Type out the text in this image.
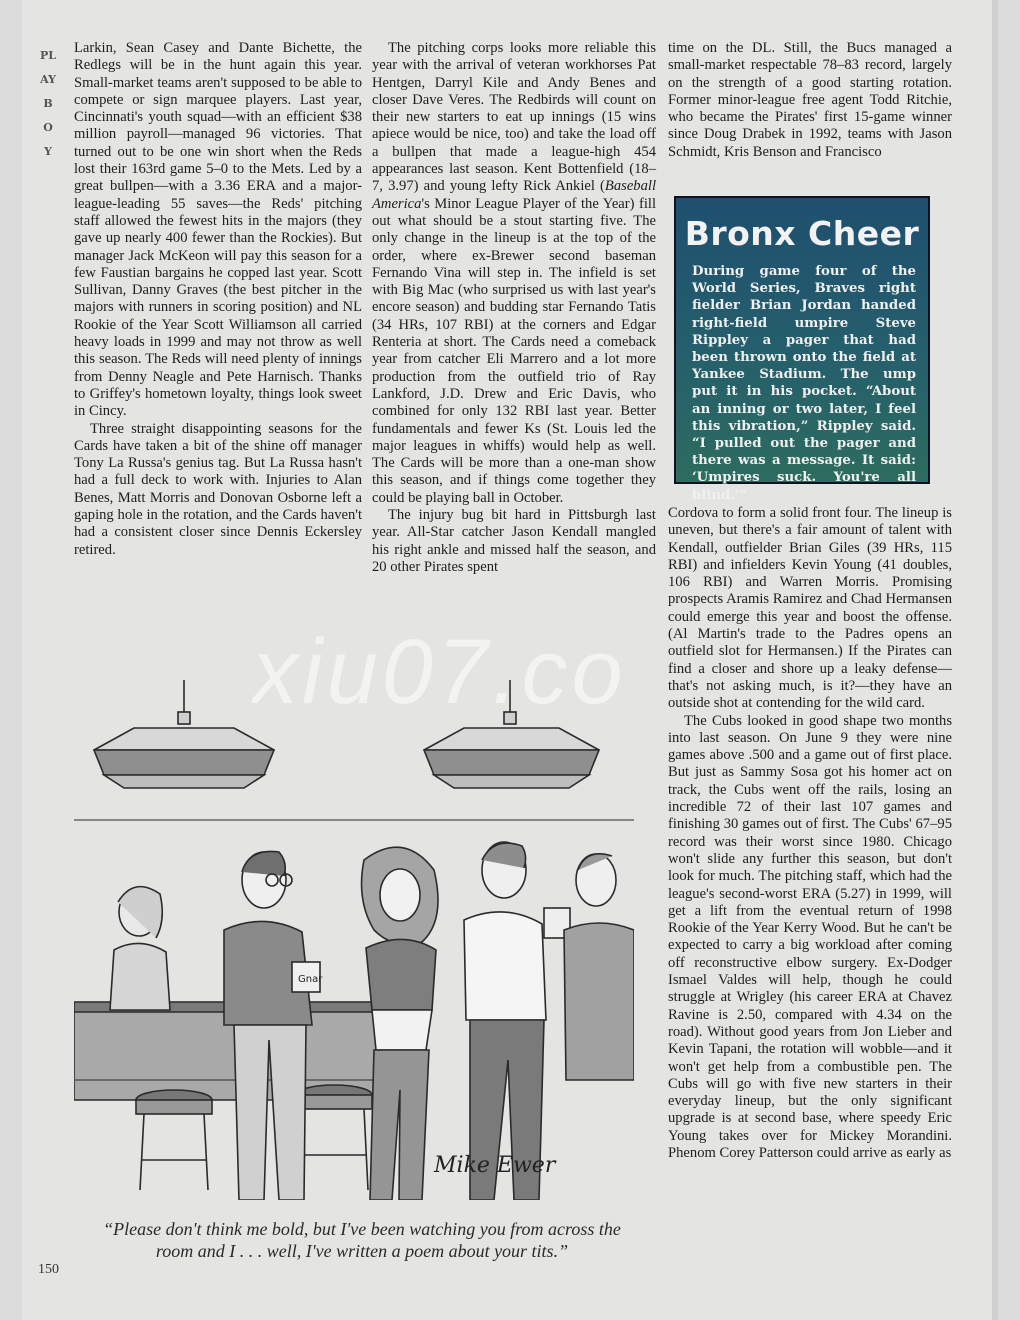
PLAYBOY

Larkin, Sean Casey and Dante Bichette, the Redlegs will be in the hunt again this year. Small-market teams aren't supposed to be able to compete or sign marquee players. Last year, Cincinnati's youth squad—with an efficient $38 million payroll—managed 96 victories. That turned out to be one win short when the Reds lost their 163rd game 5–0 to the Mets. Led by a great bullpen—with a 3.36 ERA and a major-league-leading 55 saves—the Reds' pitching staff allowed the fewest hits in the majors (they gave up nearly 400 fewer than the Rockies). But manager Jack McKeon will pay this season for a few Faustian bargains he copped last year. Scott Sullivan, Danny Graves (the best pitcher in the majors with runners in scoring position) and NL Rookie of the Year Scott Williamson all carried heavy loads in 1999 and may not throw as well this season. The Reds will need plenty of innings from Denny Neagle and Pete Harnisch. Thanks to Griffey's hometown loyalty, things look sweet in Cincy.

Three straight disappointing seasons for the Cards have taken a bit of the shine off manager Tony La Russa's genius tag. But La Russa hasn't had a full deck to work with. Injuries to Alan Benes, Matt Morris and Donovan Osborne left a gaping hole in the rotation, and the Cards haven't had a consistent closer since Dennis Eckersley retired.

The pitching corps looks more reliable this year with the arrival of veteran workhorses Pat Hentgen, Darryl Kile and Andy Benes and closer Dave Veres. The Redbirds will count on their new starters to eat up innings (15 wins apiece would be nice, too) and take the load off a bullpen that made a league-high 454 appearances last season. Kent Bottenfield (18–7, 3.97) and young lefty Rick Ankiel (Baseball America's Minor League Player of the Year) fill out what should be a stout starting five. The only change in the lineup is at the top of the order, where ex-Brewer second baseman Fernando Vina will step in. The infield is set with Big Mac (who surprised us with last year's encore season) and budding star Fernando Tatis (34 HRs, 107 RBI) at the corners and Edgar Renteria at short. The Cards need a comeback year from catcher Eli Marrero and a lot more production from the outfield trio of Ray Lankford, J.D. Drew and Eric Davis, who combined for only 132 RBI last year. Better fundamentals and fewer Ks (St. Louis led the major leagues in whiffs) would help as well. The Cards will be more than a one-man show this season, and if things come together they could be playing ball in October.

The injury bug bit hard in Pittsburgh last year. All-Star catcher Jason Kendall mangled his right ankle and missed half the season, and 20 other Pirates spent

time on the DL. Still, the Bucs managed a small-market respectable 78–83 record, largely on the strength of a good starting rotation. Former minor-league free agent Todd Ritchie, who became the Pirates' first 15-game winner since Doug Drabek in 1992, teams with Jason Schmidt, Kris Benson and Francisco

Bronx Cheer
During game four of the World Series, Braves right fielder Brian Jordan handed right-field umpire Steve Rippley a pager that had been thrown onto the field at Yankee Stadium. The ump put it in his pocket. “About an inning or two later, I feel this vibration,” Rippley said. “I pulled out the pager and there was a message. It said: ‘Umpires suck. You're all blind.’”

Cordova to form a solid front four. The lineup is uneven, but there's a fair amount of talent with Kendall, outfielder Brian Giles (39 HRs, 115 RBI) and infielders Kevin Young (41 doubles, 106 RBI) and Warren Morris. Promising prospects Aramis Ramirez and Chad Hermansen could emerge this year and boost the offense. (Al Martin's trade to the Padres opens an outfield slot for Hermansen.) If the Pirates can find a closer and shore up a leaky defense—that's not asking much, is it?—they have an outside shot at contending for the wild card.

The Cubs looked in good shape two months into last season. On June 9 they were nine games above .500 and a game out of first place. But just as Sammy Sosa got his homer act on track, the Cubs went off the rails, losing an incredible 72 of their last 107 games and finishing 30 games out of first. The Cubs' 67–95 record was their worst since 1980. Chicago won't slide any further this season, but don't look for much. The pitching staff, which had the league's second-worst ERA (5.27) in 1999, will get a lift from the eventual return of 1998 Rookie of the Year Kerry Wood. But he can't be expected to carry a big workload after coming off reconstructive elbow surgery. Ex-Dodger Ismael Valdes will help, though he could struggle at Wrigley (his career ERA at Chavez Ravine is 2.50, compared with 4.34 on the road). Without good years from Jon Lieber and Kevin Tapani, the rotation will wobble—and it won't get help from a combustible pen. The Cubs will go with five new starters in their everyday lineup, but the only significant upgrade is at second base, where speedy Eric Young takes over for Mickey Morandini. Phenom Corey Patterson could arrive as early as

Gnar
Mike Ewer
“Please don't think me bold, but I've been watching you from across the room and I . . . well, I've written a poem about your tits.”
xiu07.co
150
